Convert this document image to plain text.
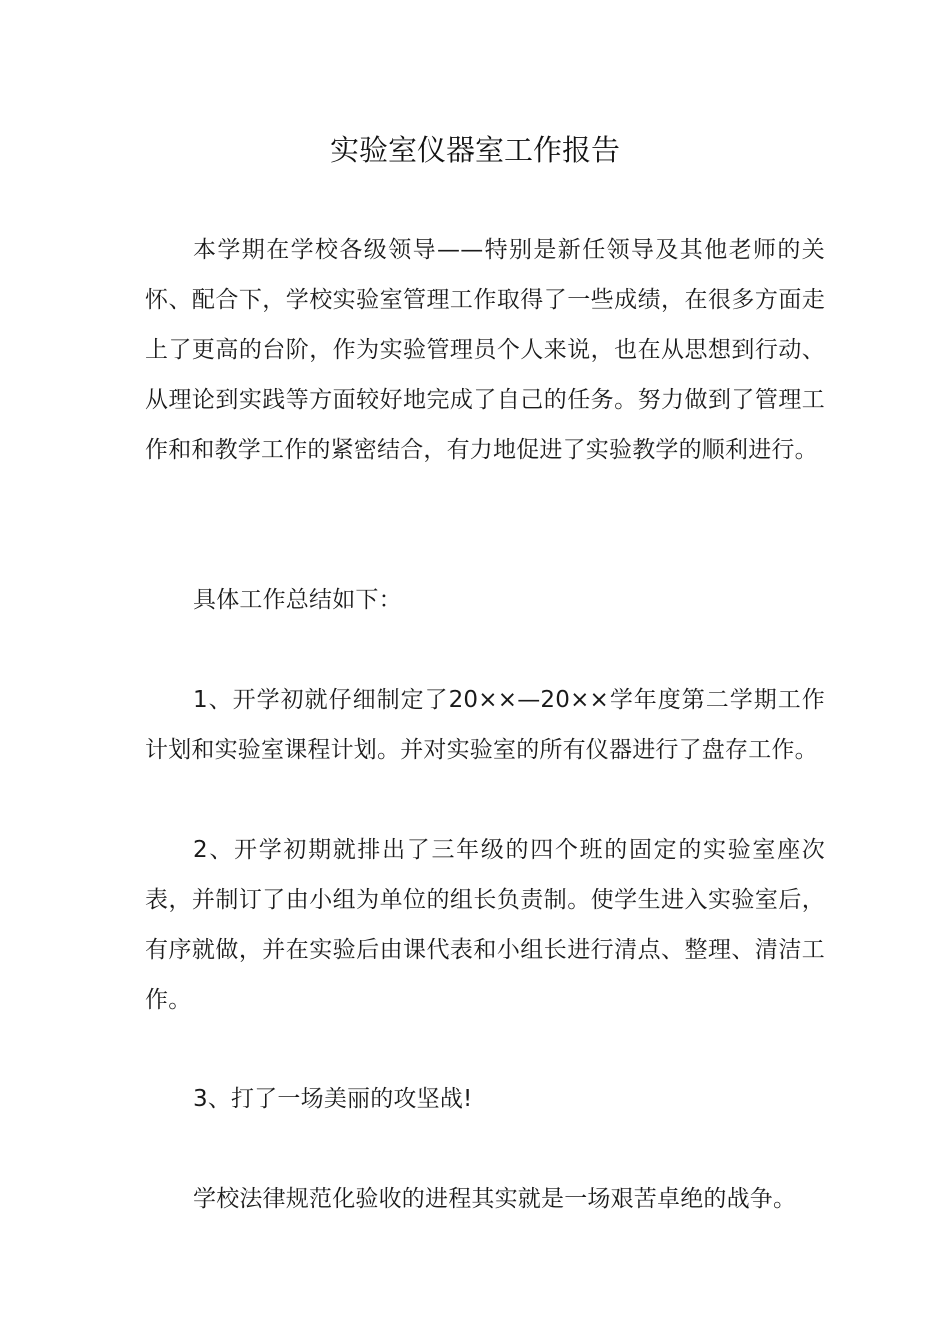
实验室仪器室工作报告

本学期在学校各级领导——特别是新任领导及其他老师的关怀、配合下，学校实验室管理工作取得了一些成绩，在很多方面走上了更高的台阶，作为实验管理员个人来说，也在从思想到行动、从理论到实践等方面较好地完成了自己的任务。努力做到了管理工作和和教学工作的紧密结合，有力地促进了实验教学的顺利进行。

具体工作总结如下：

1、开学初就仔细制定了20××—20××学年度第二学期工作计划和实验室课程计划。并对实验室的所有仪器进行了盘存工作。

2、开学初期就排出了三年级的四个班的固定的实验室座次表，并制订了由小组为单位的组长负责制。使学生进入实验室后，有序就做，并在实验后由课代表和小组长进行清点、整理、清洁工作。

3、打了一场美丽的攻坚战!

学校法律规范化验收的进程其实就是一场艰苦卓绝的战争。
